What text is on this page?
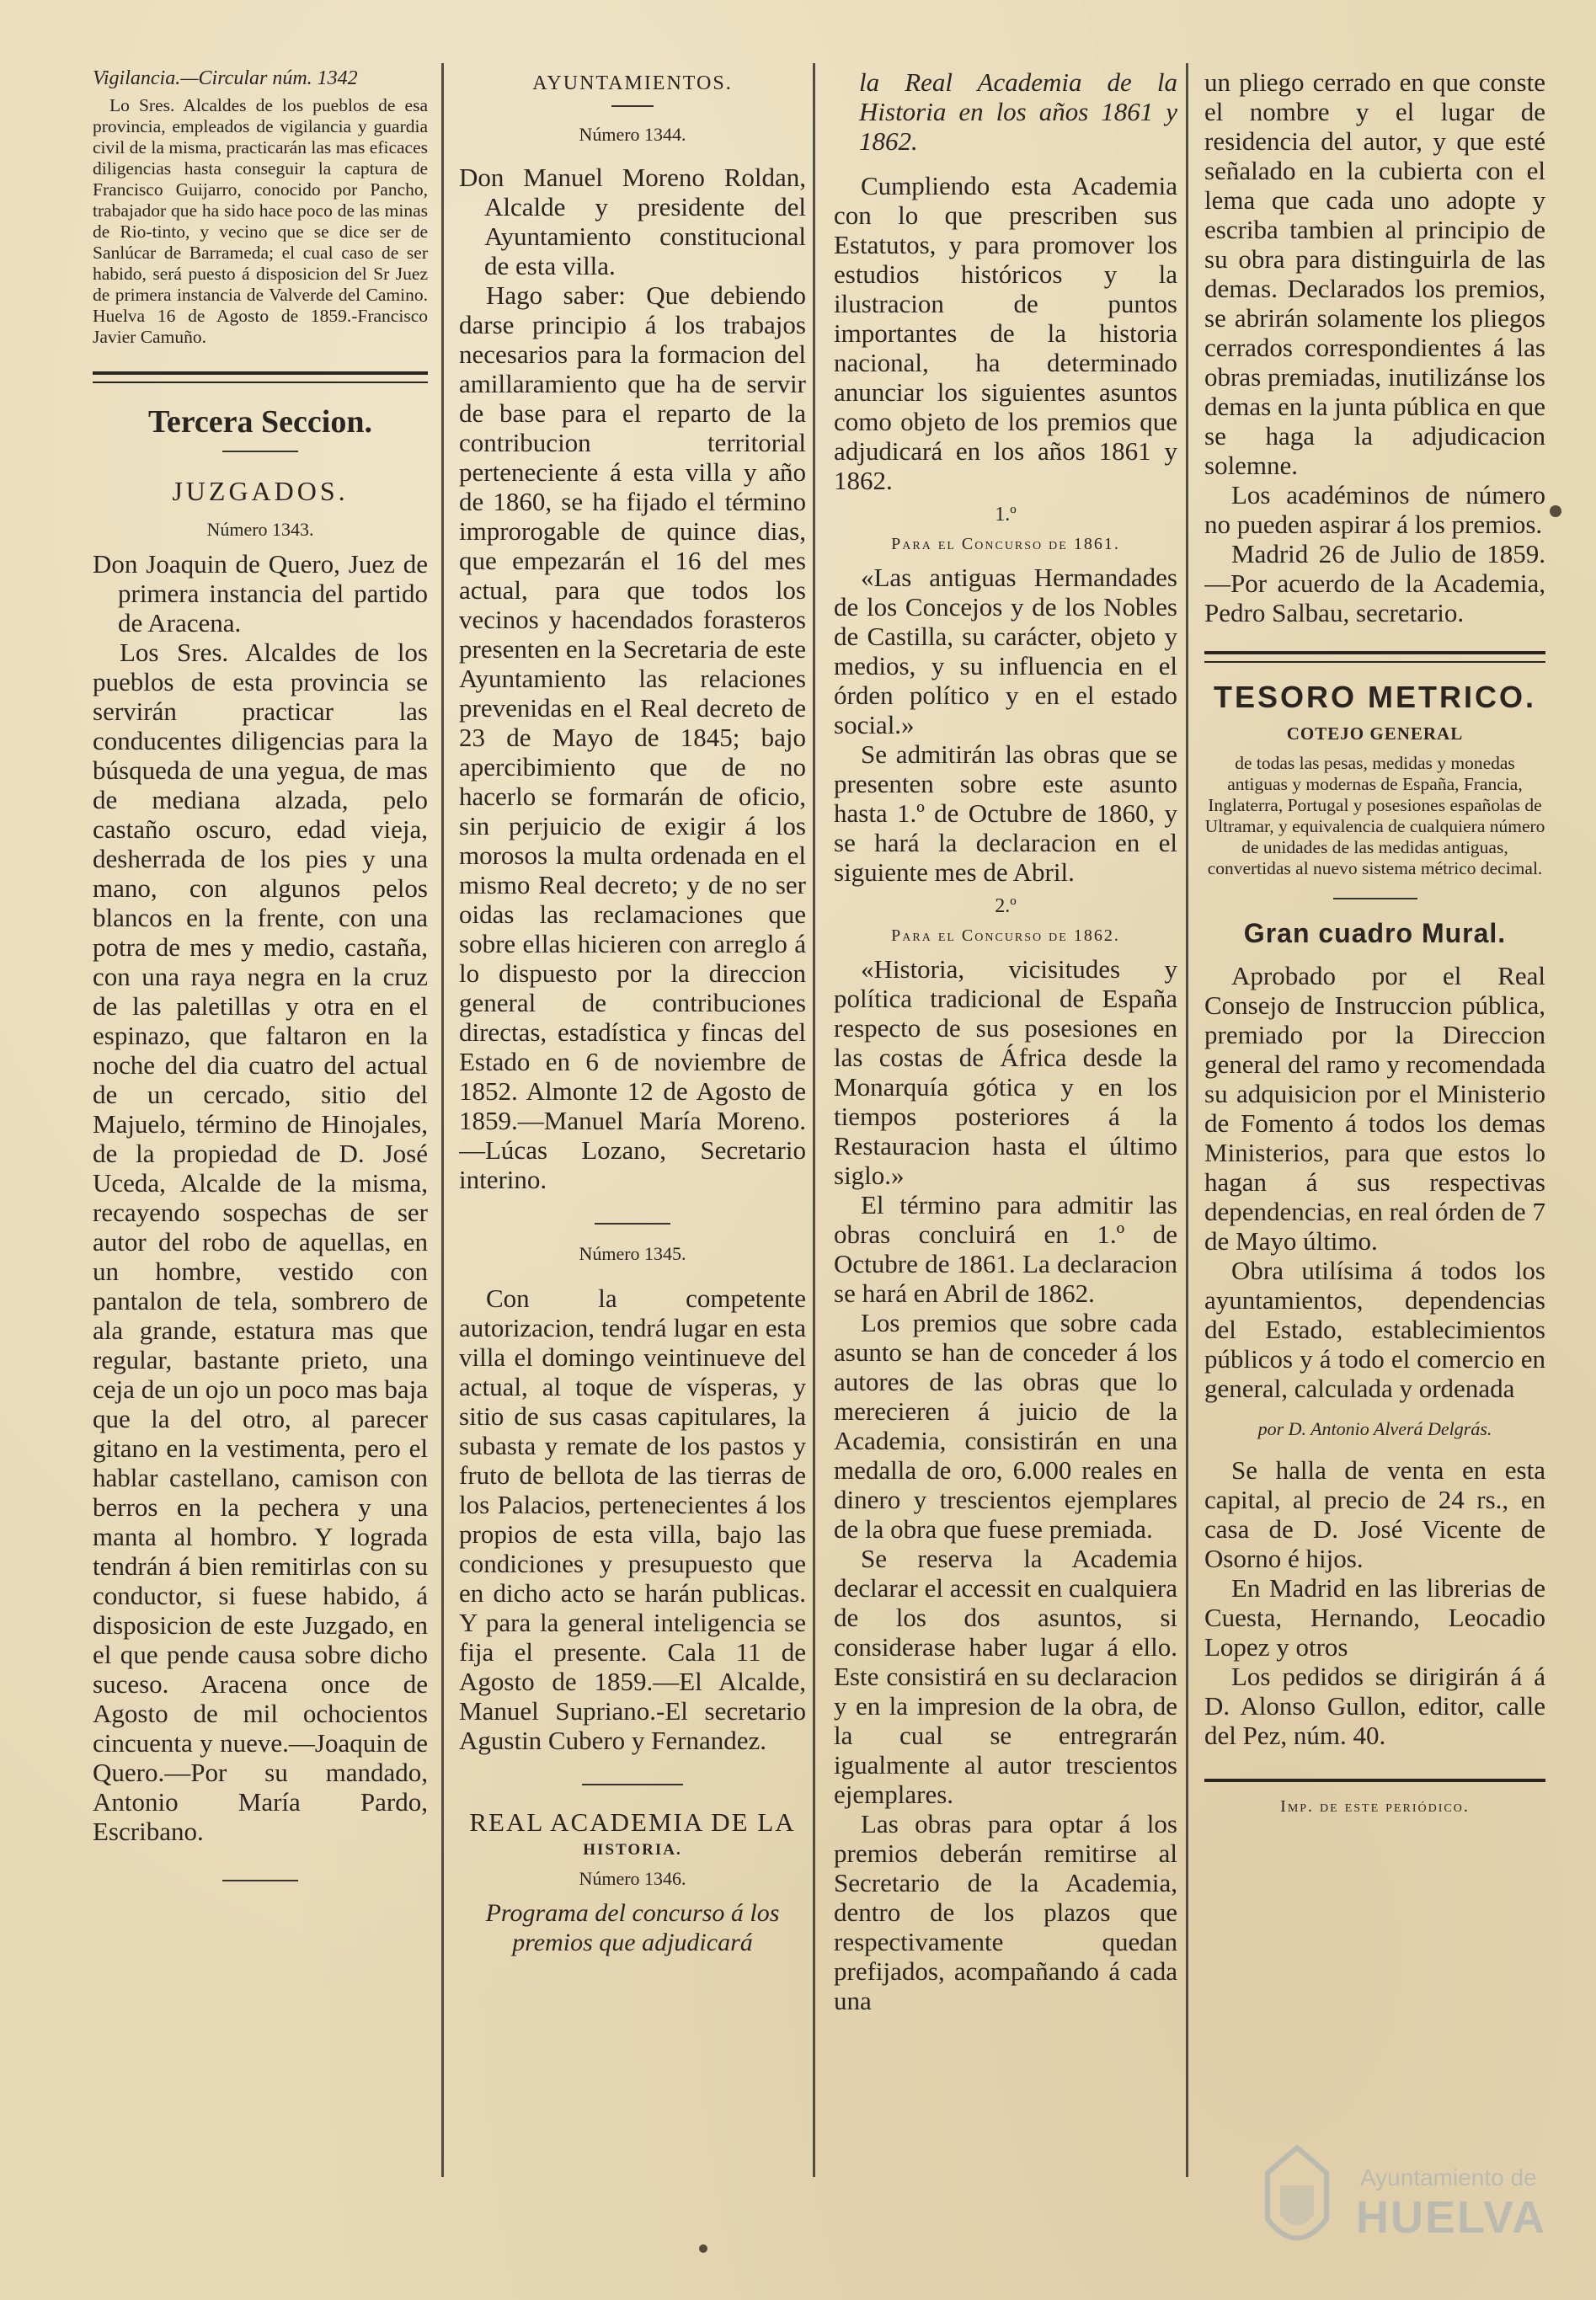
Vigilancia.—Circular núm. 1342

Lo Sres. Alcaldes de los pueblos de esa provincia, empleados de vigilancia y guardia civil de la misma, practicarán las mas eficaces diligencias hasta conseguir la captura de Francisco Guijarro, conocido por Pancho, trabajador que ha sido hace poco de las minas de Rio-tinto, y vecino que se dice ser de Sanlúcar de Barrameda; el cual caso de ser habido, será puesto á disposicion del Sr Juez de primera instancia de Valverde del Camino. Huelva 16 de Agosto de 1859.-Francisco Javier Camuño.

Tercera Seccion.
JUZGADOS.
Número 1343.

Don Joaquin de Quero, Juez de primera instancia del partido de Aracena.

Los Sres. Alcaldes de los pueblos de esta provincia se servirán practicar las conducentes diligencias para la búsqueda de una yegua, de mas de mediana alzada, pelo castaño oscuro, edad vieja, desherrada de los pies y una mano, con algunos pelos blancos en la frente, con una potra de mes y medio, castaña, con una raya negra en la cruz de las paletillas y otra en el espinazo, que faltaron en la noche del dia cuatro del actual de un cercado, sitio del Majuelo, término de Hinojales, de la propiedad de D. José Uceda, Alcalde de la misma, recayendo sospechas de ser autor del robo de aquellas, en un hombre, vestido con pantalon de tela, sombrero de ala grande, estatura mas que regular, bastante prieto, una ceja de un ojo un poco mas baja que la del otro, al parecer gitano en la vestimenta, pero el hablar castellano, camison con berros en la pechera y una manta al hombro. Y lograda tendrán á bien remitirlas con su conductor, si fuese habido, á disposicion de este Juzgado, en el que pende causa sobre dicho suceso. Aracena once de Agosto de mil ochocientos cincuenta y nueve.—Joaquin de Quero.—Por su mandado, Antonio María Pardo, Escribano.

AYUNTAMIENTOS.
Número 1344.

Don Manuel Moreno Roldan, Alcalde y presidente del Ayuntamiento constitucional de esta villa.

Hago saber: Que debiendo darse principio á los trabajos necesarios para la formacion del amillaramiento que ha de servir de base para el reparto de la contribucion territorial perteneciente á esta villa y año de 1860, se ha fijado el término improrogable de quince dias, que empezarán el 16 del mes actual, para que todos los vecinos y hacendados forasteros presenten en la Secretaria de este Ayuntamiento las relaciones prevenidas en el Real decreto de 23 de Mayo de 1845; bajo apercibimiento que de no hacerlo se formarán de oficio, sin perjuicio de exigir á los morosos la multa ordenada en el mismo Real decreto; y de no ser oidas las reclamaciones que sobre ellas hicieren con arreglo á lo dispuesto por la direccion general de contribuciones directas, estadística y fincas del Estado en 6 de noviembre de 1852. Almonte 12 de Agosto de 1859.—Manuel María Moreno.—Lúcas Lozano, Secretario interino.

Número 1345.

Con la competente autorizacion, tendrá lugar en esta villa el domingo veintinueve del actual, al toque de vísperas, y sitio de sus casas capitulares, la subasta y remate de los pastos y fruto de bellota de las tierras de los Palacios, pertenecientes á los propios de esta villa, bajo las condiciones y presupuesto que en dicho acto se harán publicas. Y para la general inteligencia se fija el presente. Cala 11 de Agosto de 1859.—El Alcalde, Manuel Supriano.-El secretario Agustin Cubero y Fernandez.

REAL ACADEMIA DE LA
HISTORIA.
Número 1346.
Programa del concurso á los premios que adjudicará
la Real Academia de la Historia en los años 1861 y 1862.

Cumpliendo esta Academia con lo que prescriben sus Estatutos, y para promover los estudios históricos y la ilustracion de puntos importantes de la historia nacional, ha determinado anunciar los siguientes asuntos como objeto de los premios que adjudicará en los años 1861 y 1862.

1.º
Para el Concurso de 1861.

«Las antiguas Hermandades de los Concejos y de los Nobles de Castilla, su carácter, objeto y medios, y su influencia en el órden político y en el estado social.»

Se admitirán las obras que se presenten sobre este asunto hasta 1.º de Octubre de 1860, y se hará la declaracion en el siguiente mes de Abril.

2.º
Para el Concurso de 1862.

«Historia, vicisitudes y política tradicional de España respecto de sus posesiones en las costas de África desde la Monarquía gótica y en los tiempos posteriores á la Restauracion hasta el último siglo.»

El término para admitir las obras concluirá en 1.º de Octubre de 1861. La declaracion se hará en Abril de 1862.

Los premios que sobre cada asunto se han de conceder á los autores de las obras que lo merecieren á juicio de la Academia, consistirán en una medalla de oro, 6.000 reales en dinero y trescientos ejemplares de la obra que fuese premiada.

Se reserva la Academia declarar el accessit en cualquiera de los dos asuntos, si considerase haber lugar á ello. Este consistirá en su declaracion y en la impresion de la obra, de la cual se entregrarán igualmente al autor trescientos ejemplares.

Las obras para optar á los premios deberán remitirse al Secretario de la Academia, dentro de los plazos que respectivamente quedan prefijados, acompañando á cada una

un pliego cerrado en que conste el nombre y el lugar de residencia del autor, y que esté señalado en la cubierta con el lema que cada uno adopte y escriba tambien al principio de su obra para distinguirla de las demas. Declarados los premios, se abrirán solamente los pliegos cerrados correspondientes á las obras premiadas, inutilizánse los demas en la junta pública en que se haga la adjudicacion solemne.

Los académinos de número no pueden aspirar á los premios.

Madrid 26 de Julio de 1859.—Por acuerdo de la Academia, Pedro Salbau, secretario.

TESORO METRICO.
COTEJO GENERAL
de todas las pesas, medidas y monedas antiguas y modernas de España, Francia, Inglaterra, Portugal y posesiones españolas de Ultramar, y equivalencia de cualquiera número de unidades de las medidas antiguas, convertidas al nuevo sistema métrico decimal.
Gran cuadro Mural.

Aprobado por el Real Consejo de Instruccion pública, premiado por la Direccion general del ramo y recomendada su adquisicion por el Ministerio de Fomento á todos los demas Ministerios, para que estos lo hagan á sus respectivas dependencias, en real órden de 7 de Mayo último.

Obra utilísima á todos los ayuntamientos, dependencias del Estado, establecimientos públicos y á todo el comercio en general, calculada y ordenada

por D. Antonio Alverá Delgrás.

Se halla de venta en esta capital, al precio de 24 rs., en casa de D. José Vicente de Osorno é hijos.

En Madrid en las librerias de Cuesta, Hernando, Leocadio Lopez y otros

Los pedidos se dirigirán á á D. Alonso Gullon, editor, calle del Pez, núm. 40.

Imp. de este periódico.
Ayuntamiento de
HUELVA
